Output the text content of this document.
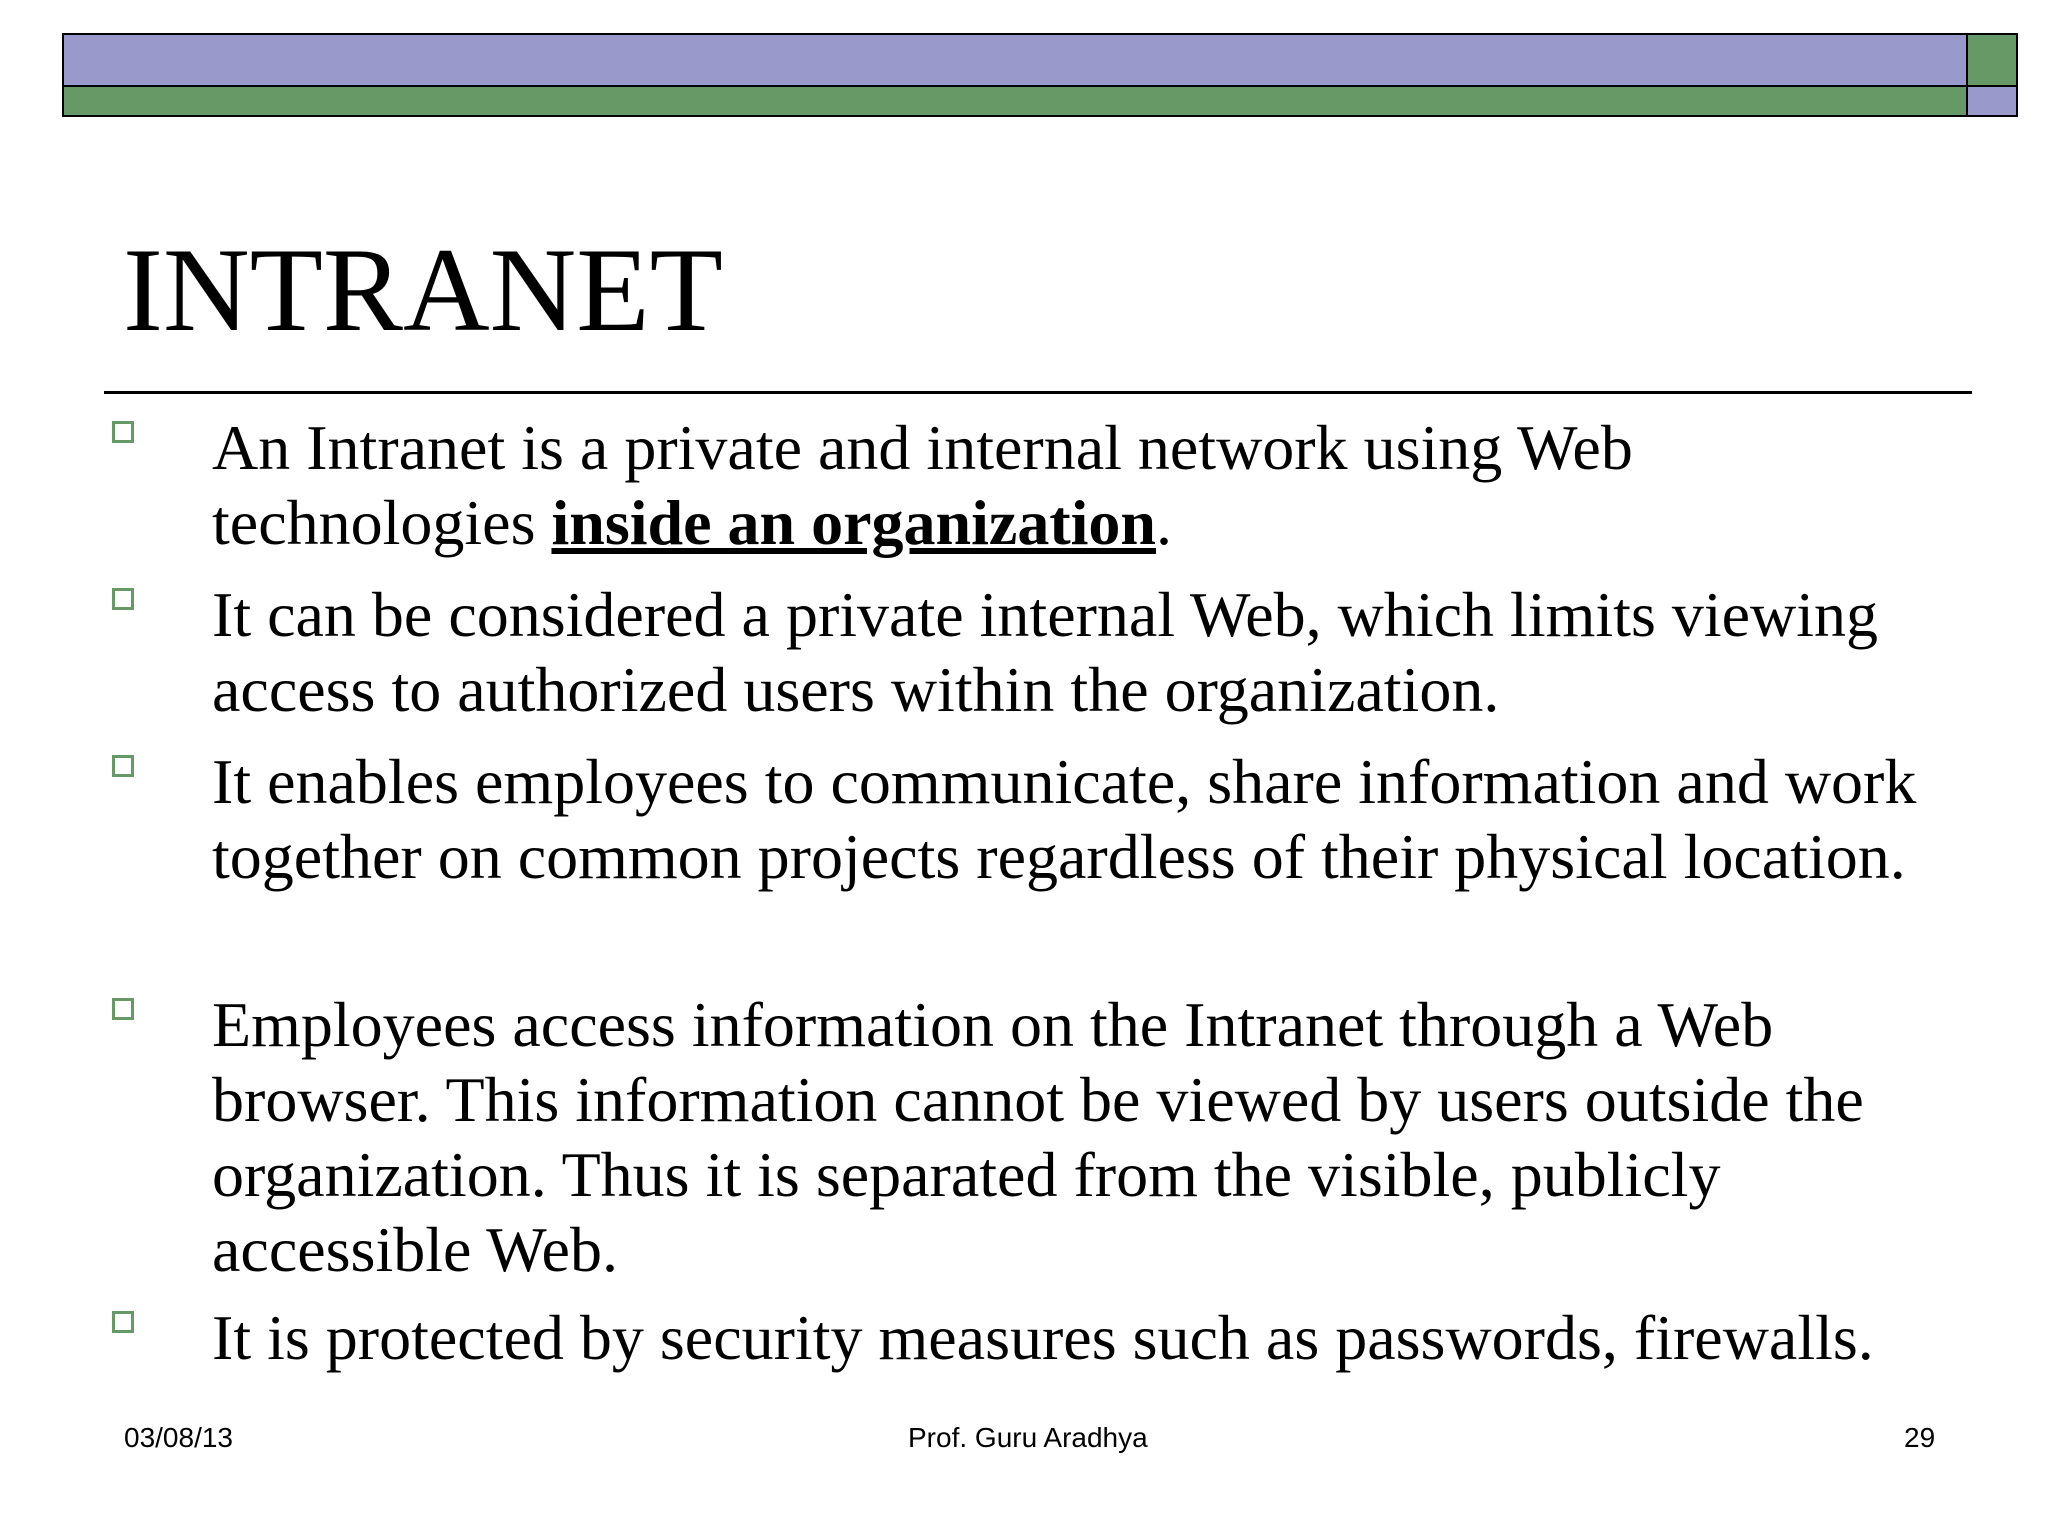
INTRANET
An Intranet is a private and internal network using Web technologies inside an organization.
It can be considered a private internal Web, which limits viewing access to authorized users within the organization.
It enables employees to communicate, share information and work together on common projects regardless of their physical location.
Employees access information on the Intranet through a Web browser. This information cannot be viewed by users outside the organization. Thus it is separated from the visible, publicly accessible Web.
It is protected by security measures such as passwords, firewalls.
03/08/13	Prof. Guru Aradhya	29
